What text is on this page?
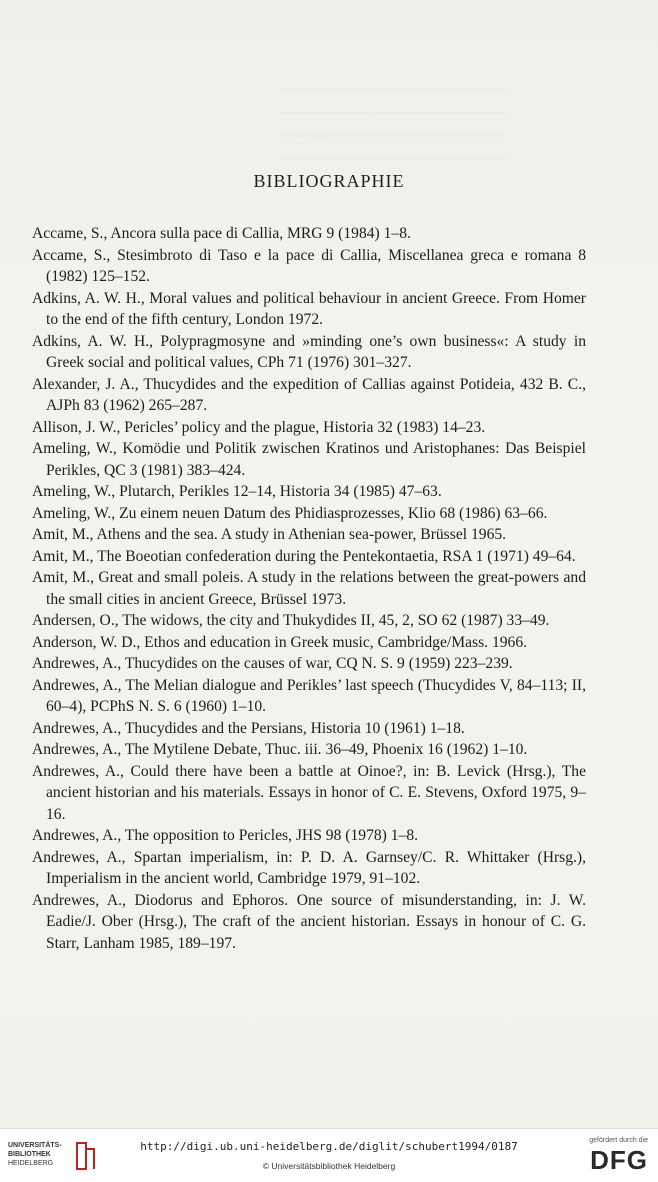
~~~~~~~~~~~~~~~~~~~~~~~~~~~~
~~~~~~~~~~~~~~~~~~~~~~~~~~~~
~~~~~~~~~~~~~~~~~~~~~~~~~~~~
~~~~~~~~~~~~~~~~~~~~~~~~~~~~
BIBLIOGRAPHIE
Accame, S., Ancora sulla pace di Callia, MRG 9 (1984) 1–8.
Accame, S., Stesimbroto di Taso e la pace di Callia, Miscellanea greca e romana 8 (1982) 125–152.
Adkins, A. W. H., Moral values and political behaviour in ancient Greece. From Homer to the end of the fifth century, London 1972.
Adkins, A. W. H., Polypragmosyne and »minding one’s own business«: A study in Greek social and political values, CPh 71 (1976) 301–327.
Alexander, J. A., Thucydides and the expedition of Callias against Potideia, 432 B. C., AJPh 83 (1962) 265–287.
Allison, J. W., Pericles’ policy and the plague, Historia 32 (1983) 14–23.
Ameling, W., Komödie und Politik zwischen Kratinos und Aristophanes: Das Beispiel Perikles, QC 3 (1981) 383–424.
Ameling, W., Plutarch, Perikles 12–14, Historia 34 (1985) 47–63.
Ameling, W., Zu einem neuen Datum des Phidiasprozesses, Klio 68 (1986) 63–66.
Amit, M., Athens and the sea. A study in Athenian sea-power, Brüssel 1965.
Amit, M., The Boeotian confederation during the Pentekontaetia, RSA 1 (1971) 49–64.
Amit, M., Great and small poleis. A study in the relations between the great-powers and the small cities in ancient Greece, Brüssel 1973.
Andersen, O., The widows, the city and Thukydides II, 45, 2, SO 62 (1987) 33–49.
Anderson, W. D., Ethos and education in Greek music, Cambridge/Mass. 1966.
Andrewes, A., Thucydides on the causes of war, CQ N. S. 9 (1959) 223–239.
Andrewes, A., The Melian dialogue and Perikles’ last speech (Thucydides V, 84–113; II, 60–4), PCPhS N. S. 6 (1960) 1–10.
Andrewes, A., Thucydides and the Persians, Historia 10 (1961) 1–18.
Andrewes, A., The Mytilene Debate, Thuc. iii. 36–49, Phoenix 16 (1962) 1–10.
Andrewes, A., Could there have been a battle at Oinoe?, in: B. Levick (Hrsg.), The ancient historian and his materials. Essays in honor of C. E. Stevens, Oxford 1975, 9–16.
Andrewes, A., The opposition to Pericles, JHS 98 (1978) 1–8.
Andrewes, A., Spartan imperialism, in: P. D. A. Garnsey/C. R. Whittaker (Hrsg.), Imperialism in the ancient world, Cambridge 1979, 91–102.
Andrewes, A., Diodorus and Ephoros. One source of misunderstanding, in: J. W. Eadie/J. Ober (Hrsg.), The craft of the ancient historian. Essays in honour of C. G. Starr, Lanham 1985, 189–197.
UNIVERSITÄTS-
BIBLIOTHEK
HEIDELBERG
http://digi.ub.uni-heidelberg.de/diglit/schubert1994/0187
© Universitätsbibliothek Heidelberg
gefördert durch die
DFG
